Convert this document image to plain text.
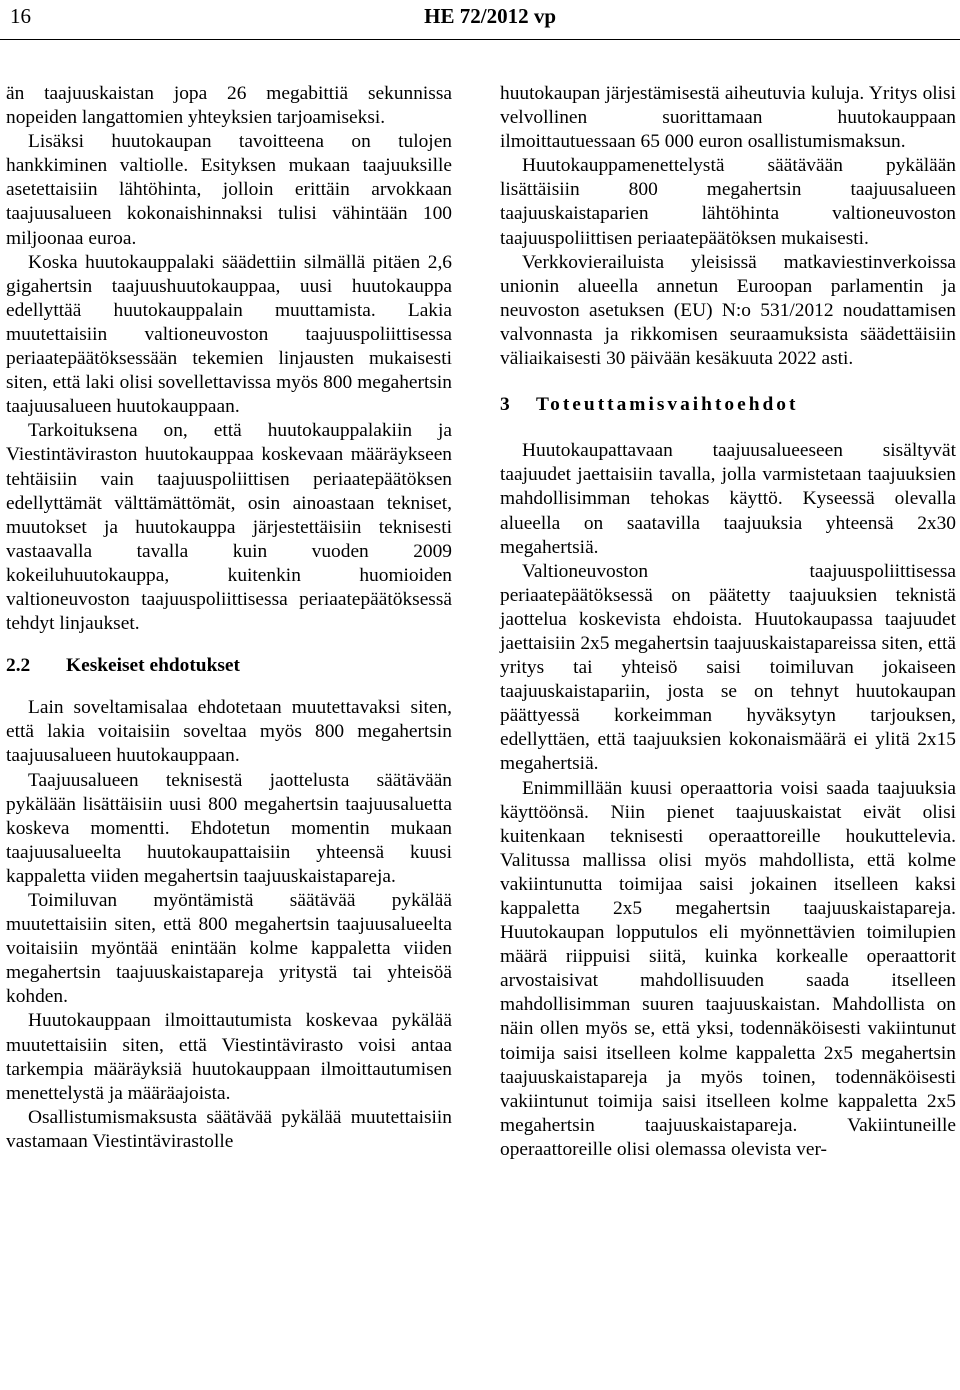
16	HE 72/2012 vp

än taajuuskaistan jopa 26 megabittiä sekunnissa nopeiden langattomien yhteyksien tarjoamiseksi.

Lisäksi huutokaupan tavoitteena on tulojen hankkiminen valtiolle. Esityksen mukaan taajuuksille asetettaisiin lähtöhinta, jolloin erittäin arvokkaan taajuusalueen kokonaishinnaksi tulisi vähintään 100 miljoonaa euroa.

Koska huutokauppalaki säädettiin silmällä pitäen 2,6 gigahertsin taajuushuutokauppaa, uusi huutokauppa edellyttää huutokauppalain muuttamista. Lakia muutettaisiin valtioneuvoston taajuuspoliittisessa periaatepäätöksessään tekemien linjausten mukaisesti siten, että laki olisi sovellettavissa myös 800 megahertsin taajuusalueen huutokauppaan.

Tarkoituksena on, että huutokauppalakiin ja Viestintäviraston huutokauppaa koskevaan määräykseen tehtäisiin vain taajuuspoliittisen periaatepäätöksen edellyttämät välttämättömät, osin ainoastaan tekniset, muutokset ja huutokauppa järjestettäisiin teknisesti vastaavalla tavalla kuin vuoden 2009 kokeiluhuutokauppa, kuitenkin huomioiden valtioneuvoston taajuuspoliittisessa periaatepäätöksessä tehdyt linjaukset.

2.2 Keskeiset ehdotukset

Lain soveltamisalaa ehdotetaan muutettavaksi siten, että lakia voitaisiin soveltaa myös 800 megahertsin taajuusalueen huutokauppaan.

Taajuusalueen teknisestä jaottelusta säätävään pykälään lisättäisiin uusi 800 megahertsin taajuusaluetta koskeva momentti. Ehdotetun momentin mukaan taajuusalueelta huutokaupattaisiin yhteensä kuusi kappaletta viiden megahertsin taajuuskaistapareja.

Toimiluvan myöntämistä säätävää pykälää muutettaisiin siten, että 800 megahertsin taajuusalueelta voitaisiin myöntää enintään kolme kappaletta viiden megahertsin taajuuskaistapareja yritystä tai yhteisöä kohden.

Huutokauppaan ilmoittautumista koskevaa pykälää muutettaisiin siten, että Viestintävirasto voisi antaa tarkempia määräyksiä huutokauppaan ilmoittautumisen menettelystä ja määräajoista.

Osallistumismaksusta säätävää pykälää muutettaisiin vastamaan Viestintävirastolle

huutokaupan järjestämisestä aiheutuvia kuluja. Yritys olisi velvollinen suorittamaan huutokauppaan ilmoittautuessaan 65 000 euron osallistumismaksun.

Huutokauppamenettelystä säätävään pykälään lisättäisiin 800 megahertsin taajuusalueen taajuuskaistaparien lähtöhinta valtioneuvoston taajuuspoliittisen periaatepäätöksen mukaisesti.

Verkkovierailuista yleisissä matkaviestinverkoissa unionin alueella annetun Euroopan parlamentin ja neuvoston asetuksen (EU) N:o 531/2012 noudattamisen valvonnasta ja rikkomisen seuraamuksista säädettäisiin väliaikaisesti 30 päivään kesäkuuta 2022 asti.

3 Toteuttamisvaihtoehdot

Huutokaupattavaan taajuusalueeseen sisältyvät taajuudet jaettaisiin tavalla, jolla varmistetaan taajuuksien mahdollisimman tehokas käyttö. Kyseessä olevalla alueella on saatavilla taajuuksia yhteensä 2x30 megahertsiä.

Valtioneuvoston taajuuspoliittisessa periaatepäätöksessä on päätetty taajuuksien teknistä jaottelua koskevista ehdoista. Huutokaupassa taajuudet jaettaisiin 2x5 megahertsin taajuuskaistapareissa siten, että yritys tai yhteisö saisi toimiluvan jokaiseen taajuuskaistapariin, josta se on tehnyt huutokaupan päättyessä korkeimman hyväksytyn tarjouksen, edellyttäen, että taajuuksien kokonaismäärä ei ylitä 2x15 megahertsiä.

Enimmillään kuusi operaattoria voisi saada taajuuksia käyttöönsä. Niin pienet taajuuskaistat eivät olisi kuitenkaan teknisesti operaattoreille houkuttelevia. Valitussa mallissa olisi myös mahdollista, että kolme vakiintunutta toimijaa saisi jokainen itselleen kaksi kappaletta 2x5 megahertsin taajuuskaistapareja. Huutokaupan lopputulos eli myönnettävien toimilupien määrä riippuisi siitä, kuinka korkealle operaattorit arvostaisivat mahdollisuuden saada itselleen mahdollisimman suuren taajuuskaistan. Mahdollista on näin ollen myös se, että yksi, todennäköisesti vakiintunut toimija saisi itselleen kolme kappaletta 2x5 megahertsin taajuuskaistapareja ja myös toinen, todennäköisesti vakiintunut toimija saisi itselleen kolme kappaletta 2x5 megahertsin taajuuskaistapareja. Vakiintuneille operaattoreille olisi olemassa olevista ver-
